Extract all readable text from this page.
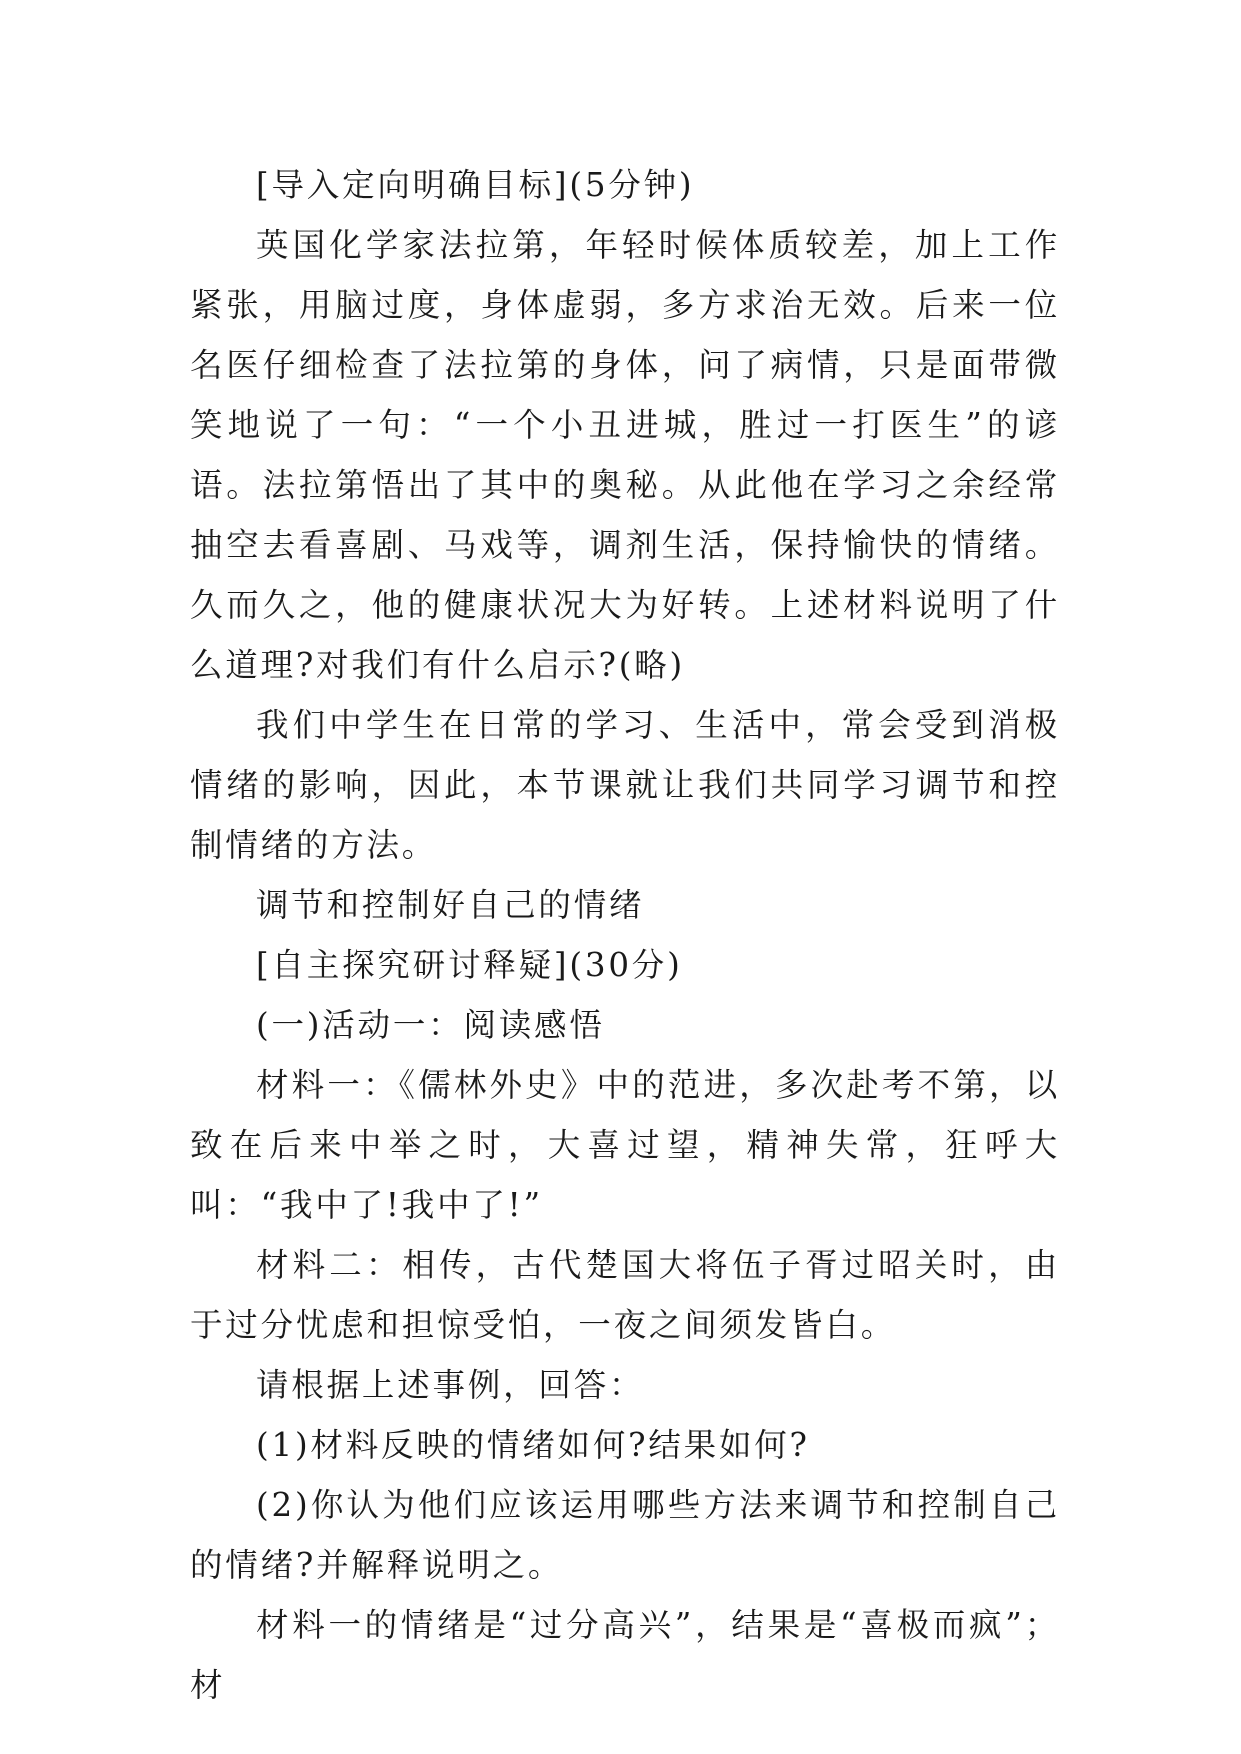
[导入定向明确目标](5分钟)

英国化学家法拉第，年轻时候体质较差，加上工作紧张，用脑过度，身体虚弱，多方求治无效。后来一位名医仔细检查了法拉第的身体，问了病情，只是面带微笑地说了一句：“一个小丑进城，胜过一打医生”的谚语。法拉第悟出了其中的奥秘。从此他在学习之余经常抽空去看喜剧、马戏等，调剂生活，保持愉快的情绪。久而久之，他的健康状况大为好转。上述材料说明了什么道理?对我们有什么启示?(略)

我们中学生在日常的学习、生活中，常会受到消极情绪的影响，因此，本节课就让我们共同学习调节和控制情绪的方法。

调节和控制好自己的情绪

[自主探究研讨释疑](30分)

(一)活动一：阅读感悟

材料一：《儒林外史》中的范进，多次赴考不第，以致在后来中举之时，大喜过望，精神失常，狂呼大叫：“我中了!我中了!”

材料二：相传，古代楚国大将伍子胥过昭关时，由于过分忧虑和担惊受怕，一夜之间须发皆白。

请根据上述事例，回答：

(1)材料反映的情绪如何?结果如何?

(2)你认为他们应该运用哪些方法来调节和控制自己的情绪?并解释说明之。

材料一的情绪是“过分高兴”，结果是“喜极而疯”；材
